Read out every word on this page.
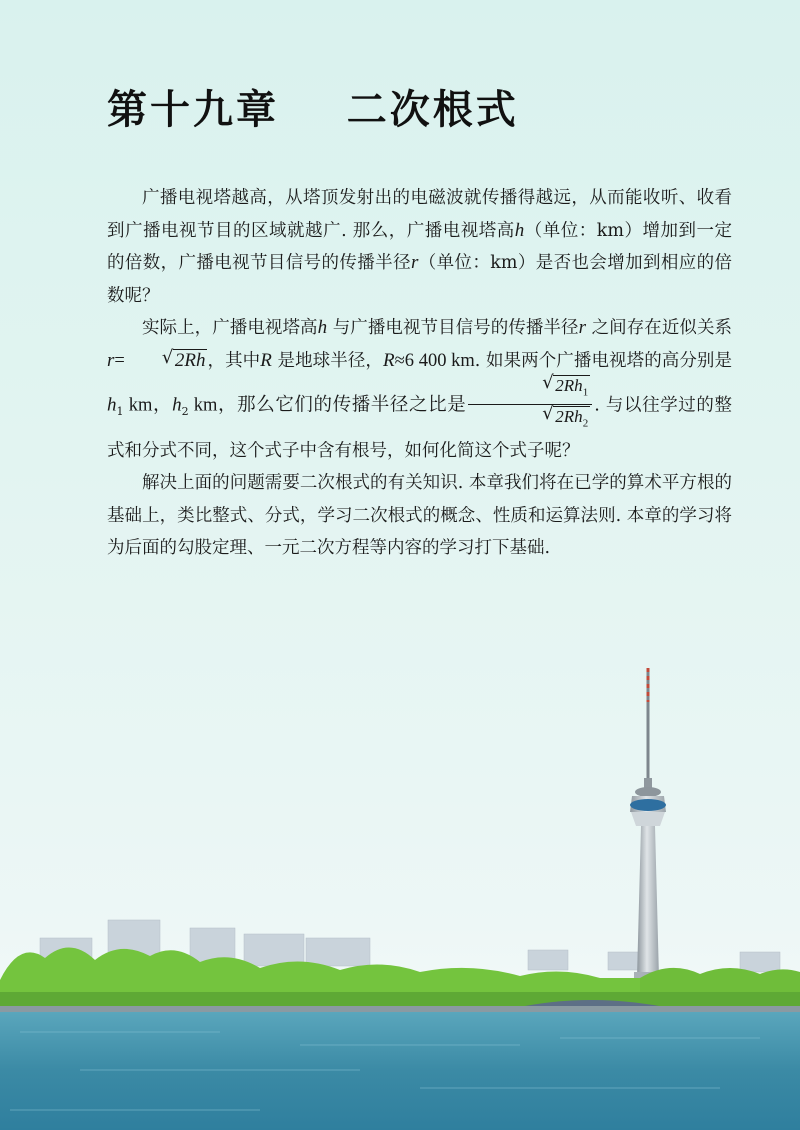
第十九章 二次根式

广播电视塔越高，从塔顶发射出的电磁波就传播得越远，从而能收听、收看到广播电视节目的区域就越广. 那么，广播电视塔高h（单位：km）增加到一定的倍数，广播电视节目信号的传播半径r（单位：km）是否也会增加到相应的倍数呢？

实际上，广播电视塔高h 与广播电视节目信号的传播半径r 之间存在近似关系 r=	√ 2Rh ，其中R 是地球半径，R≈6 400 km. 如果两个广播电视塔的高分别是$h_1$ km，$h_2$ km，那么它们的传播半径之比是 $\frac{√ 2Rh_1}{√ 2Rh_2}$ . 与以往学过的整式和分式不同，这个式子中含有根号，如何化简这个式子呢？

解决上面的问题需要二次根式的有关知识. 本章我们将在已学的算术平方根的基础上，类比整式、分式，学习二次根式的概念、性质和运算法则. 本章的学习将为后面的勾股定理、一元二次方程等内容的学习打下基础.
